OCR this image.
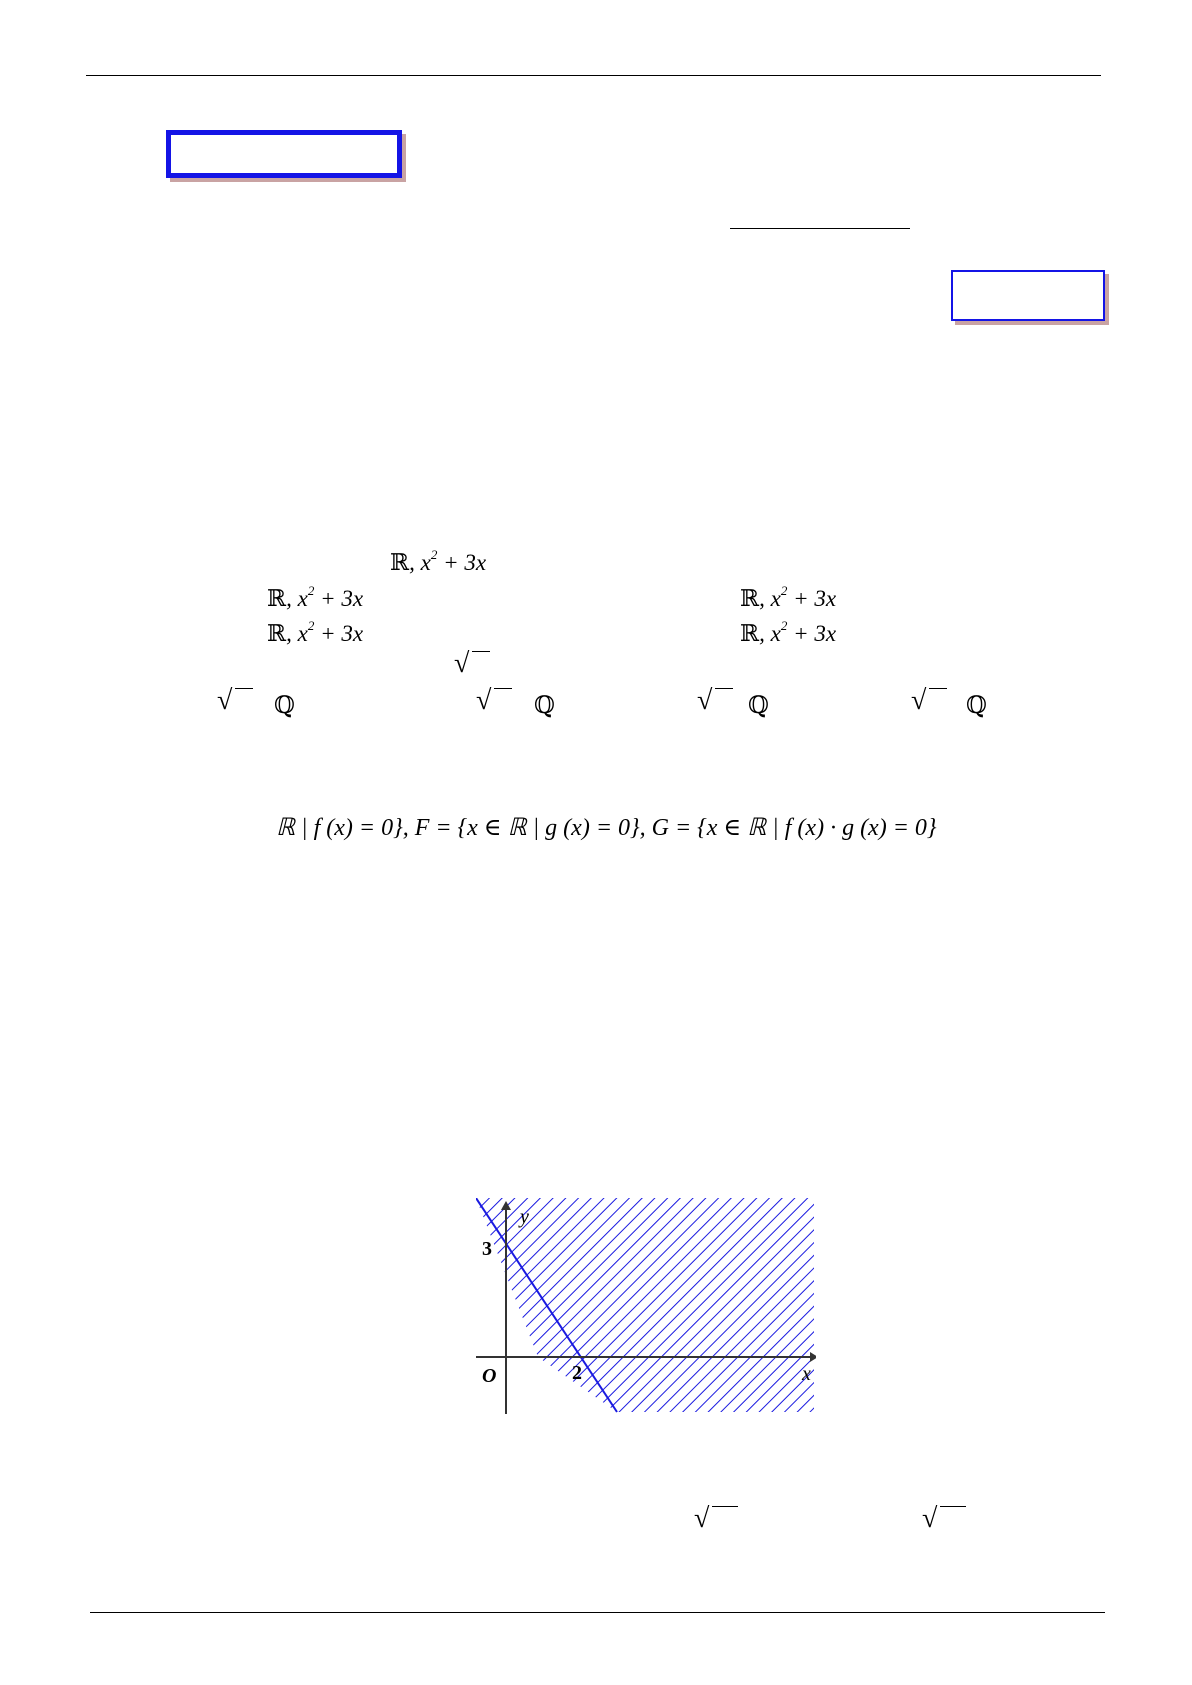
ℝ, $x^2 + 3x$
ℝ, $x^2 + 3x$	ℝ, $x^2 + 3x$
ℝ, $x^2 + 3x$	ℝ, $x^2 + 3x$
√
√ ℚ	√ ℚ	√ ℚ	√ ℚ
ℝ | f (x) = 0}, F = {x ∈ ℝ | g (x) = 0}, G = {x ∈ ℝ | f (x) · g (x) = 0}
y
x
O
3
2
√	√
